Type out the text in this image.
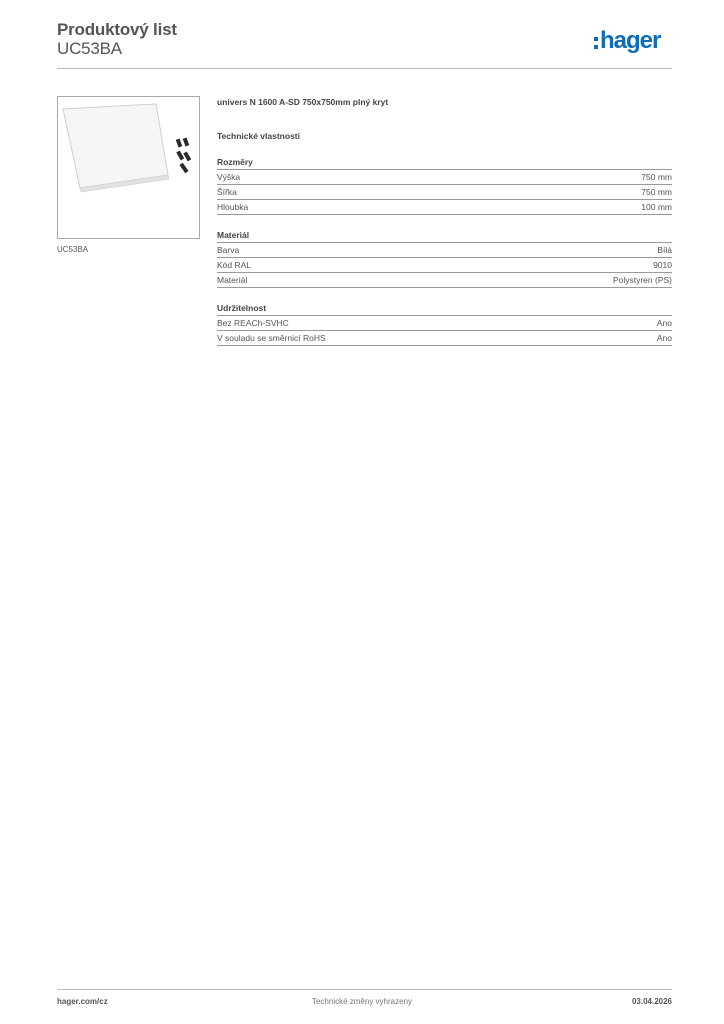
Produktový list
UC53BA	hager
UC53BA
univers N 1600 A-SD 750x750mm plný kryt
Technické vlastnosti
Rozměry
Výška	750 mm
Šířka	750 mm
Hloubka	100 mm
Materiál
Barva	Bílá
Kód RAL	9010
Materiál	Polystyren (PS)
Udržitelnost
Bez REACh-SVHC	Ano
V souladu se směrnicí RoHS	Ano
hager.com/cz	Technické změny vyhrazeny	03.04.2026
